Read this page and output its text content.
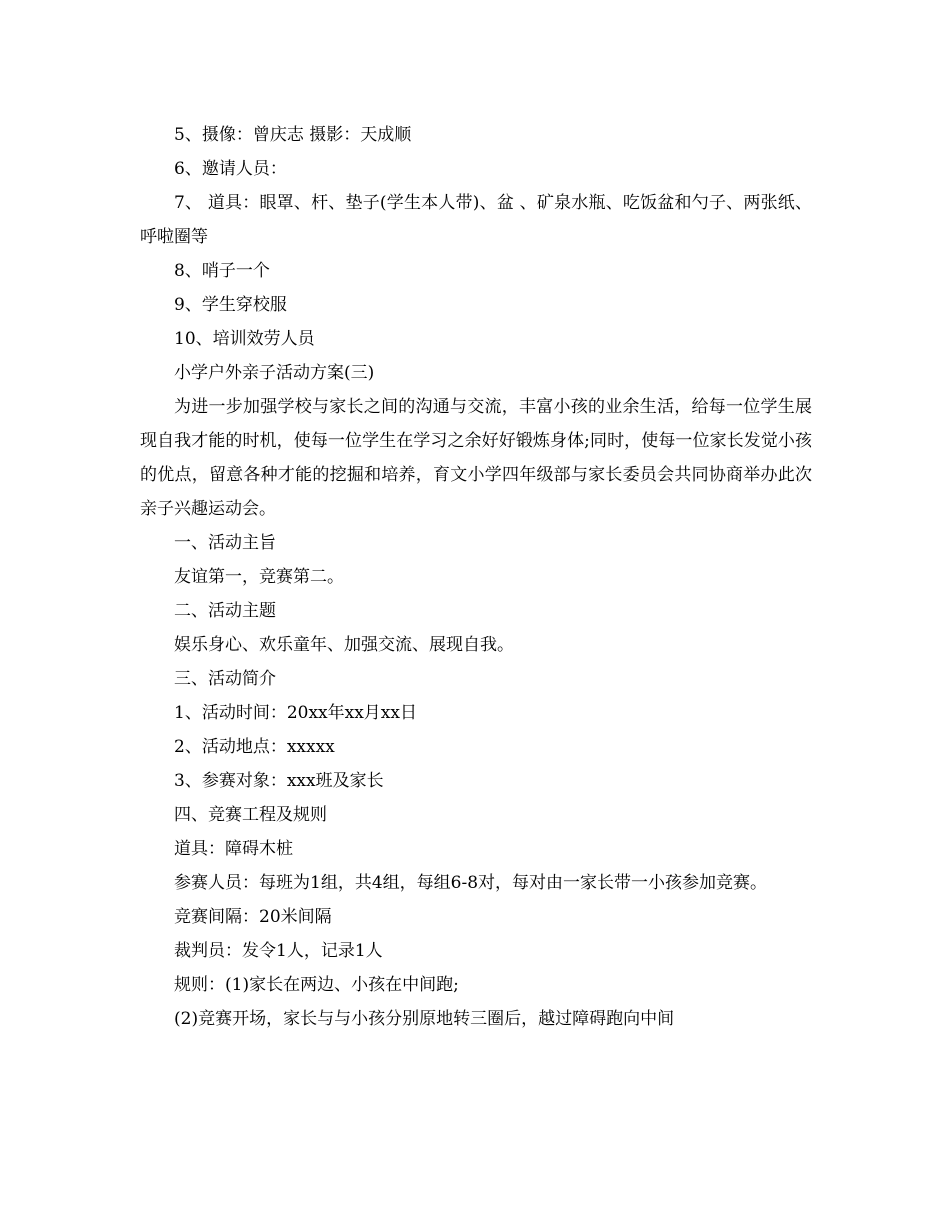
5、摄像：曾庆志 摄影：天成顺

6、邀请人员：

7、 道具：眼罩、杆、垫子(学生本人带)、盆 、矿泉水瓶、吃饭盆和勺子、两张纸、呼啦圈等

8、哨子一个

9、学生穿校服

10、培训效劳人员

小学户外亲子活动方案(三)

为进一步加强学校与家长之间的沟通与交流，丰富小孩的业余生活，给每一位学生展现自我才能的时机，使每一位学生在学习之余好好锻炼身体;同时，使每一位家长发觉小孩的优点，留意各种才能的挖掘和培养，育文小学四年级部与家长委员会共同协商举办此次亲子兴趣运动会。

一、活动主旨

友谊第一，竞赛第二。

二、活动主题

娱乐身心、欢乐童年、加强交流、展现自我。

三、活动简介

1、活动时间：20xx年xx月xx日

2、活动地点：xxxxx

3、参赛对象：xxx班及家长

四、竞赛工程及规则

道具：障碍木桩

参赛人员：每班为1组，共4组，每组6-8对，每对由一家长带一小孩参加竞赛。

竞赛间隔：20米间隔

裁判员：发令1人，记录1人

规则：(1)家长在两边、小孩在中间跑;

(2)竞赛开场，家长与与小孩分别原地转三圈后，越过障碍跑向中间
